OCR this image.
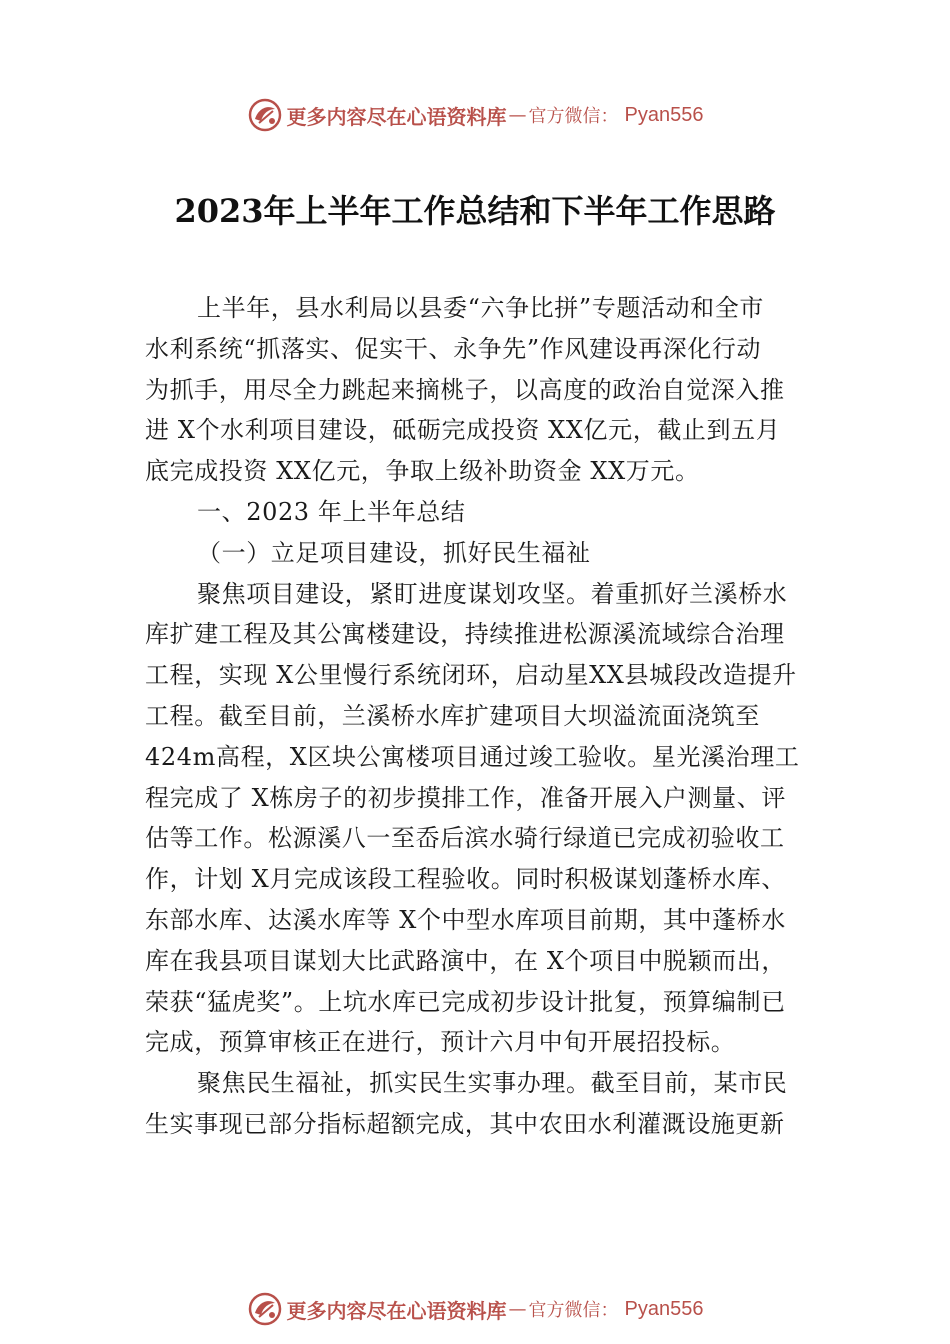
更多内容尽在心语资料库 — 官方微信： Pyan556
2023年上半年工作总结和下半年工作思路
上半年，县水利局以县委“六争比拼”专题活动和全市
水利系统“抓落实、促实干、永争先”作风建设再深化行动
为抓手，用尽全力跳起来摘桃子，以高度的政治自觉深入推
进 X个水利项目建设，砥砺完成投资 XX亿元，截止到五月
底完成投资 XX亿元，争取上级补助资金 XX万元。
一、2023 年上半年总结
（一）立足项目建设，抓好民生福祉
聚焦项目建设，紧盯进度谋划攻坚。着重抓好兰溪桥水
库扩建工程及其公寓楼建设，持续推进松源溪流域综合治理
工程，实现 X公里慢行系统闭环，启动星XX县城段改造提升
工程。截至目前，兰溪桥水库扩建项目大坝溢流面浇筑至
424m高程，X区块公寓楼项目通过竣工验收。星光溪治理工
程完成了 X栋房子的初步摸排工作，准备开展入户测量、评
估等工作。松源溪八一至岙后滨水骑行绿道已完成初验收工
作，计划 X月完成该段工程验收。同时积极谋划蓬桥水库、
东部水库、达溪水库等 X个中型水库项目前期，其中蓬桥水
库在我县项目谋划大比武路演中，在 X个项目中脱颖而出，
荣获“猛虎奖”。上坑水库已完成初步设计批复，预算编制已
完成，预算审核正在进行，预计六月中旬开展招投标。
聚焦民生福祉，抓实民生实事办理。截至目前，某市民
生实事现已部分指标超额完成，其中农田水利灌溉设施更新
更多内容尽在心语资料库 — 官方微信： Pyan556
